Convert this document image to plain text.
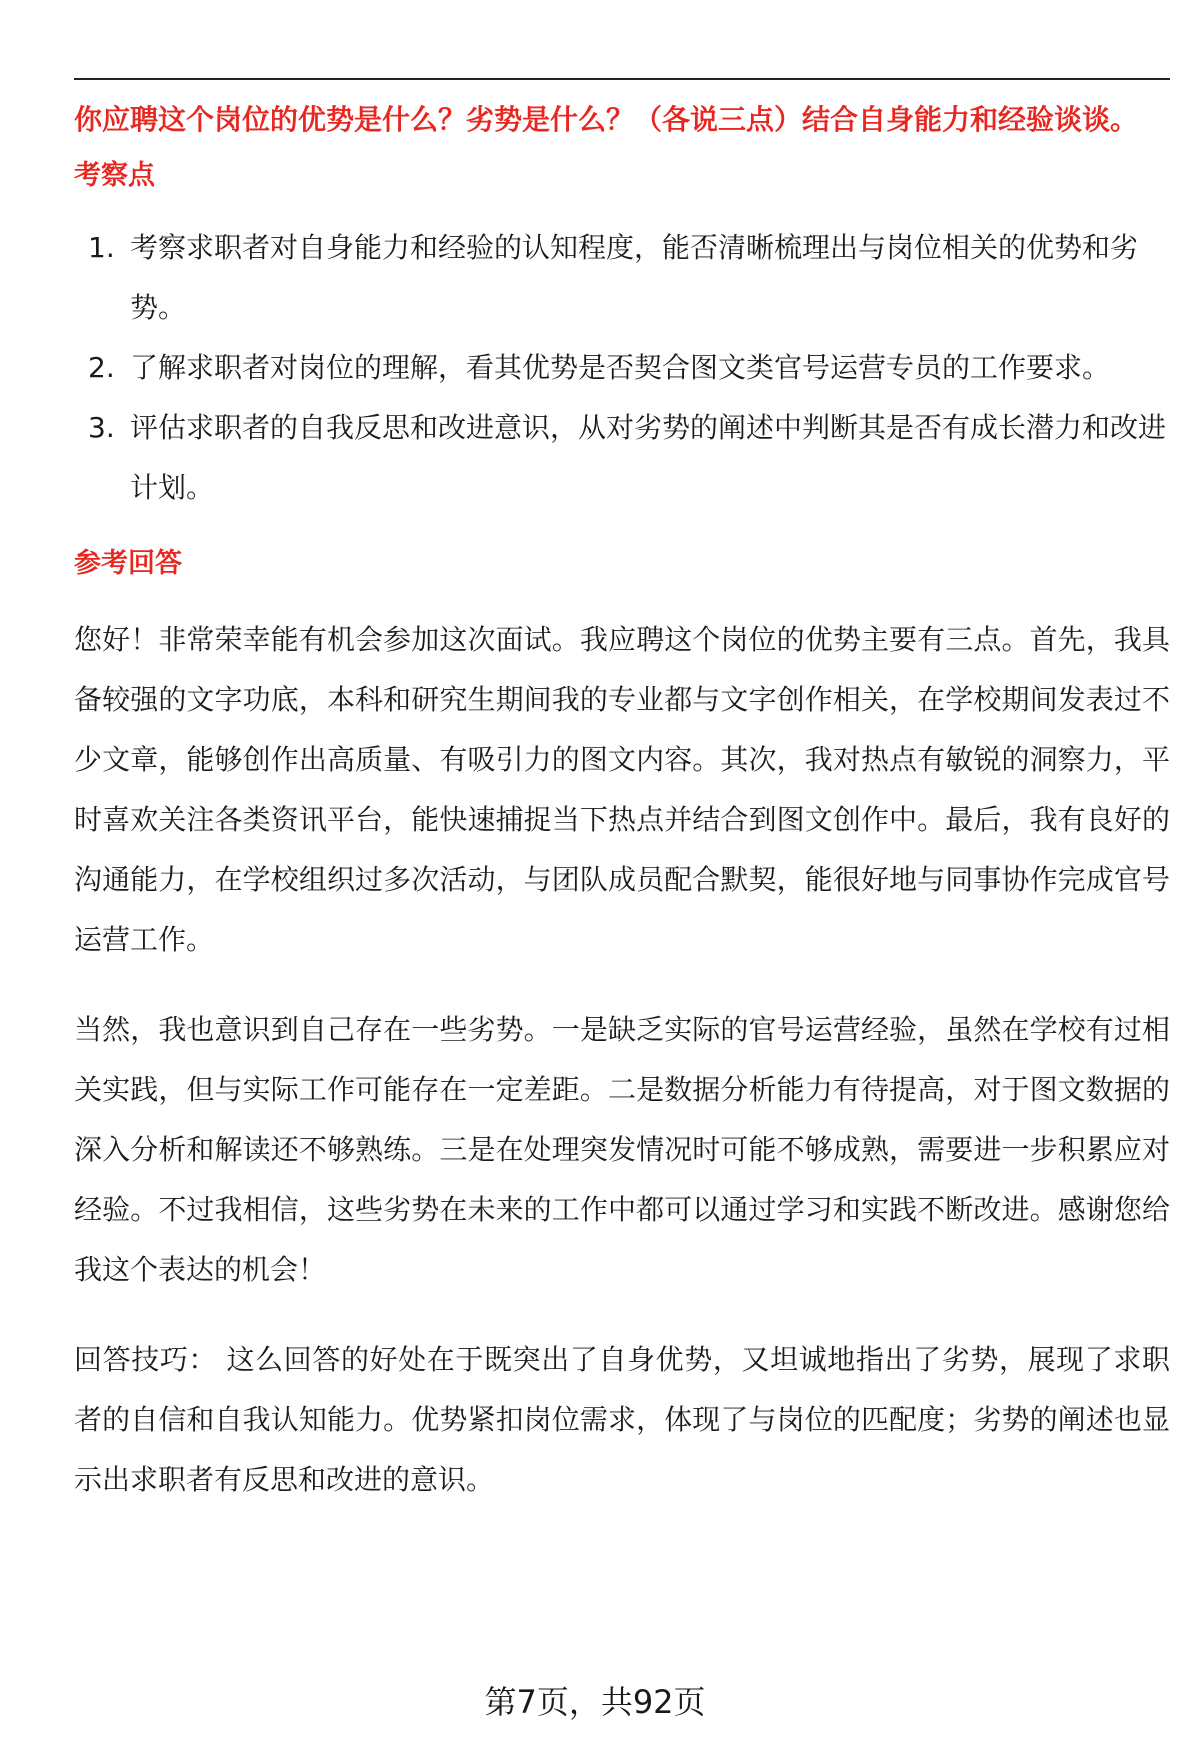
你应聘这个岗位的优势是什么？劣势是什么？（各说三点）结合自身能力和经验谈谈。

考察点
1. 考察求职者对自身能力和经验的认知程度，能否清晰梳理出与岗位相关的优势和劣势。
2. 了解求职者对岗位的理解，看其优势是否契合图文类官号运营专员的工作要求。
3. 评估求职者的自我反思和改进意识，从对劣势的阐述中判断其是否有成长潜力和改进计划。
参考回答

您好！非常荣幸能有机会参加这次面试。我应聘这个岗位的优势主要有三点。首先，我具备较强的文字功底，本科和研究生期间我的专业都与文字创作相关，在学校期间发表过不少文章，能够创作出高质量、有吸引力的图文内容。其次，我对热点有敏锐的洞察力，平时喜欢关注各类资讯平台，能快速捕捉当下热点并结合到图文创作中。最后，我有良好的沟通能力，在学校组织过多次活动，与团队成员配合默契，能很好地与同事协作完成官号运营工作。

当然，我也意识到自己存在一些劣势。一是缺乏实际的官号运营经验，虽然在学校有过相关实践，但与实际工作可能存在一定差距。二是数据分析能力有待提高，对于图文数据的深入分析和解读还不够熟练。三是在处理突发情况时可能不够成熟，需要进一步积累应对经验。不过我相信，这些劣势在未来的工作中都可以通过学习和实践不断改进。感谢您给我这个表达的机会！

回答技巧： 这么回答的好处在于既突出了自身优势，又坦诚地指出了劣势，展现了求职者的自信和自我认知能力。优势紧扣岗位需求，体现了与岗位的匹配度；劣势的阐述也显示出求职者有反思和改进的意识。

第7页，共92页
